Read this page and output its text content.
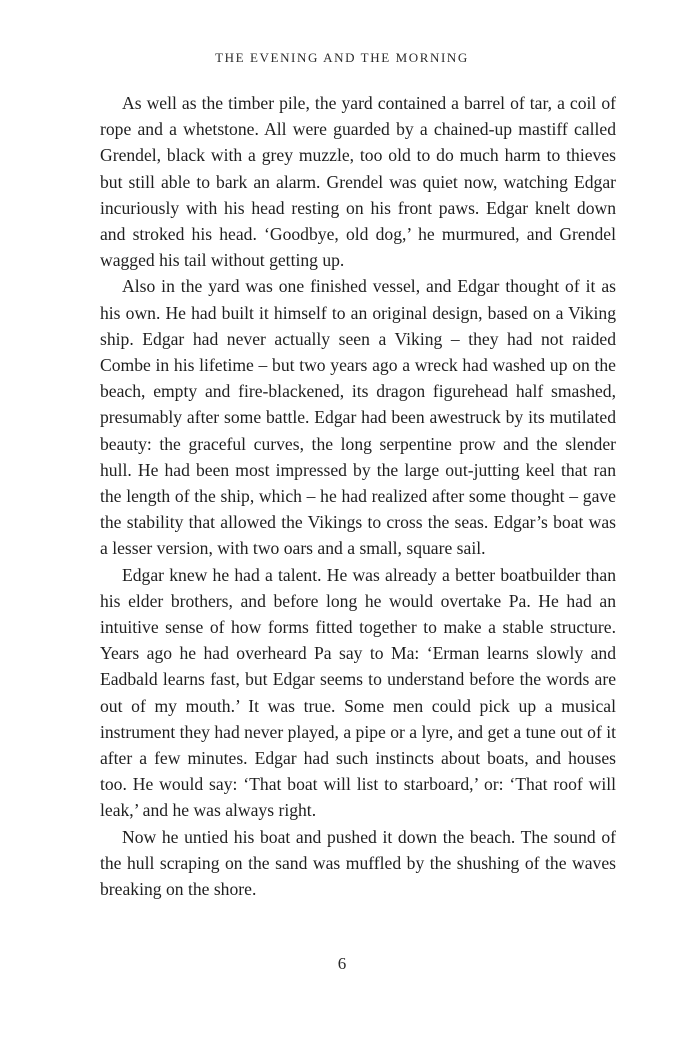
THE EVENING AND THE MORNING

As well as the timber pile, the yard contained a barrel of tar, a coil of rope and a whetstone. All were guarded by a chained-up mastiff called Grendel, black with a grey muzzle, too old to do much harm to thieves but still able to bark an alarm. Grendel was quiet now, watching Edgar incuriously with his head resting on his front paws. Edgar knelt down and stroked his head. ‘Goodbye, old dog,’ he murmured, and Grendel wagged his tail without getting up.

Also in the yard was one finished vessel, and Edgar thought of it as his own. He had built it himself to an original design, based on a Viking ship. Edgar had never actually seen a Viking – they had not raided Combe in his lifetime – but two years ago a wreck had washed up on the beach, empty and fire-blackened, its dragon figurehead half smashed, presumably after some battle. Edgar had been awestruck by its mutilated beauty: the graceful curves, the long serpentine prow and the slender hull. He had been most impressed by the large out-jutting keel that ran the length of the ship, which – he had realized after some thought – gave the stability that allowed the Vikings to cross the seas. Edgar’s boat was a lesser version, with two oars and a small, square sail.

Edgar knew he had a talent. He was already a better boatbuilder than his elder brothers, and before long he would overtake Pa. He had an intuitive sense of how forms fitted together to make a stable structure. Years ago he had overheard Pa say to Ma: ‘Erman learns slowly and Eadbald learns fast, but Edgar seems to understand before the words are out of my mouth.’ It was true. Some men could pick up a musical instrument they had never played, a pipe or a lyre, and get a tune out of it after a few minutes. Edgar had such instincts about boats, and houses too. He would say: ‘That boat will list to starboard,’ or: ‘That roof will leak,’ and he was always right.

Now he untied his boat and pushed it down the beach. The sound of the hull scraping on the sand was muffled by the shushing of the waves breaking on the shore.

6
